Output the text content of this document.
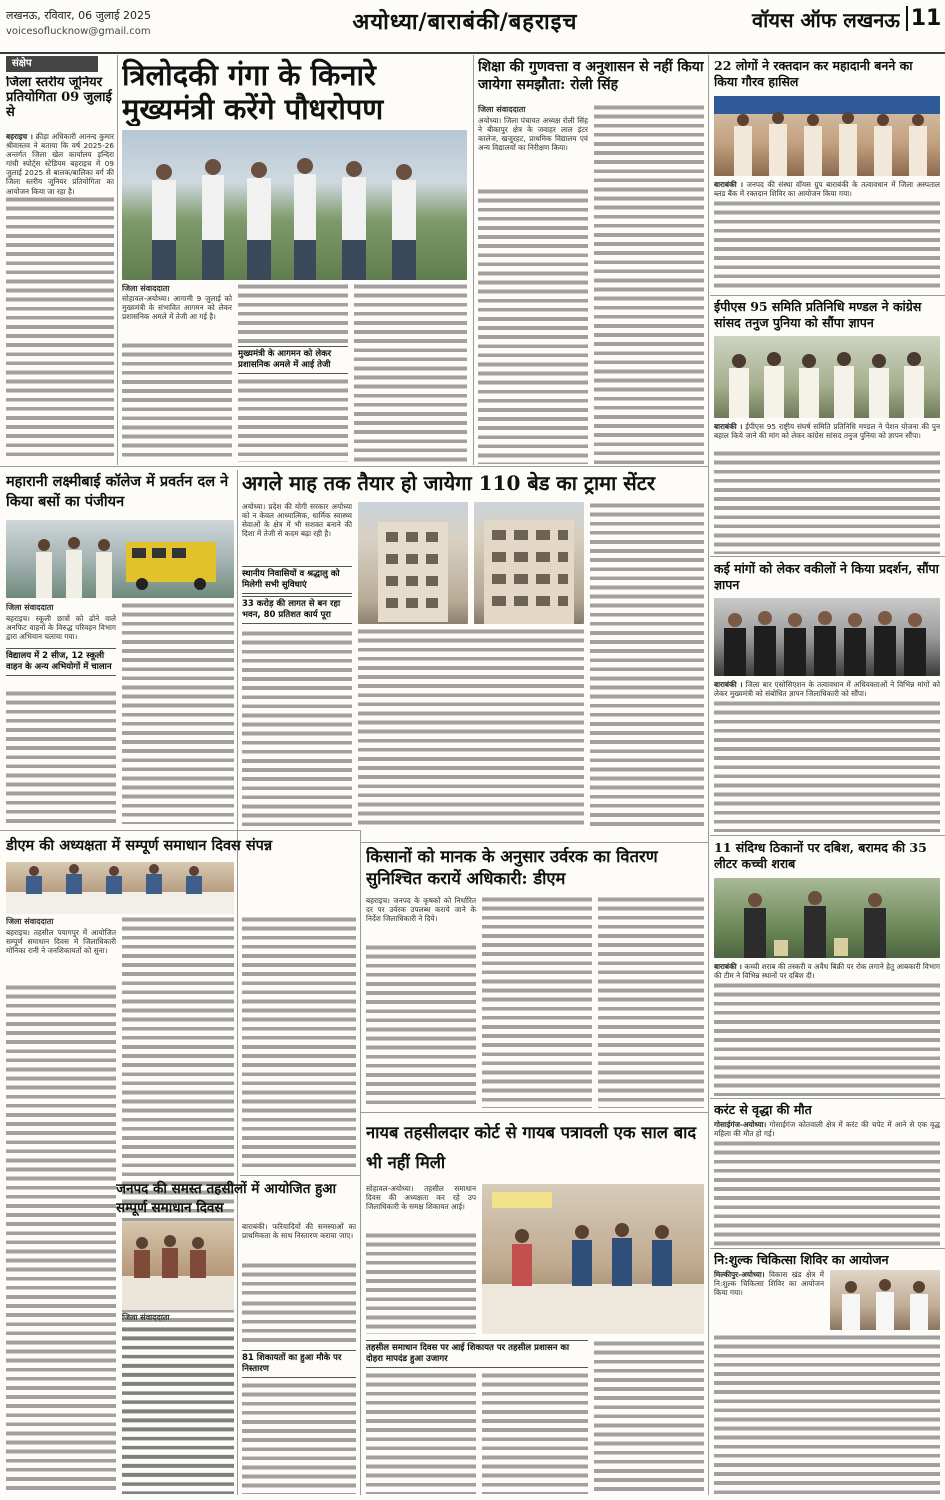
लखनऊ, रविवार, 06 जुलाई 2025
voicesoflucknow@gmail.com	अयोध्या/बाराबंकी/बहराइच	वॉयस ऑफ लखनऊ 11
संक्षेप
जिला स्तरीय जूनियर प्रतियोगिता 09 जुलाई से
बहराइच । क्रीड़ा अधिकारी आनन्द कुमार श्रीवास्तव ने बताया कि वर्ष 2025-26 अन्तर्गत जिला खेल कार्यालय इन्दिरा गांधी स्पोर्ट्स स्टेडियम बहराइच में 09 जुलाई 2025 से बालक/बालिका वर्ग की जिला स्तरीय जूनियर प्रतियोगिता का आयोजन किया जा रहा है।
त्रिलोदकी गंगा के किनारे मुख्यमंत्री करेंगे पौधरोपण
जिला संवाददाता
सोहावल-अयोध्या। आगामी 9 जुलाई को मुख्यमंत्री के संभावित आगमन को लेकर प्रशासनिक अमले में तेजी आ गई है।
मुख्यमंत्री के आगमन को लेकर प्रशासनिक अमले में आई तेजी
शिक्षा की गुणवत्ता व अनुशासन से नहीं किया जायेगा समझौता: रोली सिंह
जिला संवाददाता
अयोध्या। जिला पंचायत अध्यक्ष रोली सिंह ने बीकापुर क्षेत्र के जवाहर लाल इंटर कालेज, खजुरहट, प्राथमिक विद्यालय एवं अन्य विद्यालयों का निरीक्षण किया।
22 लोगों ने रक्तदान कर महादानी बनने का किया गौरव हासिल
बाराबंकी । जनपद की संस्था वॉयस ग्रुप बाराबंकी के तत्वावधान में जिला अस्पताल ब्लड बैंक में रक्तदान शिविर का आयोजन किया गया।
ईपीएस 95 समिति प्रतिनिधि मण्डल ने कांग्रेस सांसद तनुज पुनिया को सौंपा ज्ञापन
बाराबंकी । ईपीएस 95 राष्ट्रीय संघर्ष समिति प्रतिनिधि मण्डल ने पेंशन योजना की पुन बहाल किये जाने की मांग को लेकर कांग्रेस सांसद तनुज पुनिया को ज्ञापन सौंपा।
कई मांगों को लेकर वकीलों ने किया प्रदर्शन, सौंपा ज्ञापन
बाराबंकी । जिला बार एसोसिएशन के तत्वावधान में अधिवक्ताओं ने विभिन्न मांगों को लेकर मुख्यमंत्री को संबोधित ज्ञापन जिलाधिकारी को सौंपा।
11 संदिग्ध ठिकानों पर दबिश, बरामद की 35 लीटर कच्ची शराब
बाराबंकी । कच्ची शराब की तस्करी व अवैध बिक्री पर रोक लगाने हेतु आबकारी विभाग की टीम ने विभिन्न स्थानों पर दबिश दी।
करंट से वृद्धा की मौत
गोसाईगंज-अयोध्या। गोसाईगंज कोतवाली क्षेत्र में करंट की चपेट में आने से एक वृद्ध महिला की मौत हो गई।
नि:शुल्क चिकित्सा शिविर का आयोजन
मिल्कीपुर-अयोध्या। विकास खंड क्षेत्र में नि:शुल्क चिकित्सा शिविर का आयोजन किया गया।
महारानी लक्ष्मीबाई कॉलेज में प्रवर्तन दल ने किया बसों का पंजीयन
जिला संवाददाता
बहराइच। स्कूली छात्रों को ढोने वाले अनफिट वाहनों के विरुद्ध परिवहन विभाग द्वारा अभियान चलाया गया।
विद्यालय में 2 सीज, 12 स्कूली वाहन के अन्य अभियोगों में चालान
अगले माह तक तैयार हो जायेगा 110 बेड का ट्रामा सेंटर
अयोध्या। प्रदेश की योगी सरकार अयोध्या को न केवल आध्यात्मिक, धार्मिक स्वास्थ्य सेवाओं के क्षेत्र में भी सशक्त बनाने की दिशा में तेजी से कदम बढ़ा रही है।
स्थानीय निवासियों व श्रद्धालु को मिलेगी सभी सुविधाएं
33 करोड़ की लागत से बन रहा भवन, 80 प्रतिशत कार्य पूरा
डीएम की अध्यक्षता में सम्पूर्ण समाधान दिवस संपन्न
जिला संवाददाता
बहराइच। तहसील पयागपुर में आयोजित सम्पूर्ण समाधान दिवस में जिलाधिकारी मोनिका रानी ने जनशिकायतों को सुना।
जनपद की समस्त तहसीलों में आयोजित हुआ सम्पूर्ण समाधान दिवस
जिला संवाददाता
बाराबंकी। फरियादियों की समस्याओं का प्राथमिकता के साथ निस्तारण कराया जाए।
81 शिकायतों का हुआ मौके पर निस्तारण
किसानों को मानक के अनुसार उर्वरक का वितरण सुनिश्चित करायें अधिकारी: डीएम
बहराइच। जनपद के कृषकों को निर्धारित दर पर उर्वरक उपलब्ध कराये जाने के निर्देश जिलाधिकारी ने दिये।
नायब तहसीलदार कोर्ट से गायब पत्रावली एक साल बाद भी नहीं मिली
सोहावल-अयोध्या। तहसील समाधान दिवस की अध्यक्षता कर रहे उप जिलाधिकारी के समक्ष शिकायत आई।
तहसील समाधान दिवस पर आई शिकायत पर तहसील प्रशासन का दोहरा मापदंड हुआ उजागर
